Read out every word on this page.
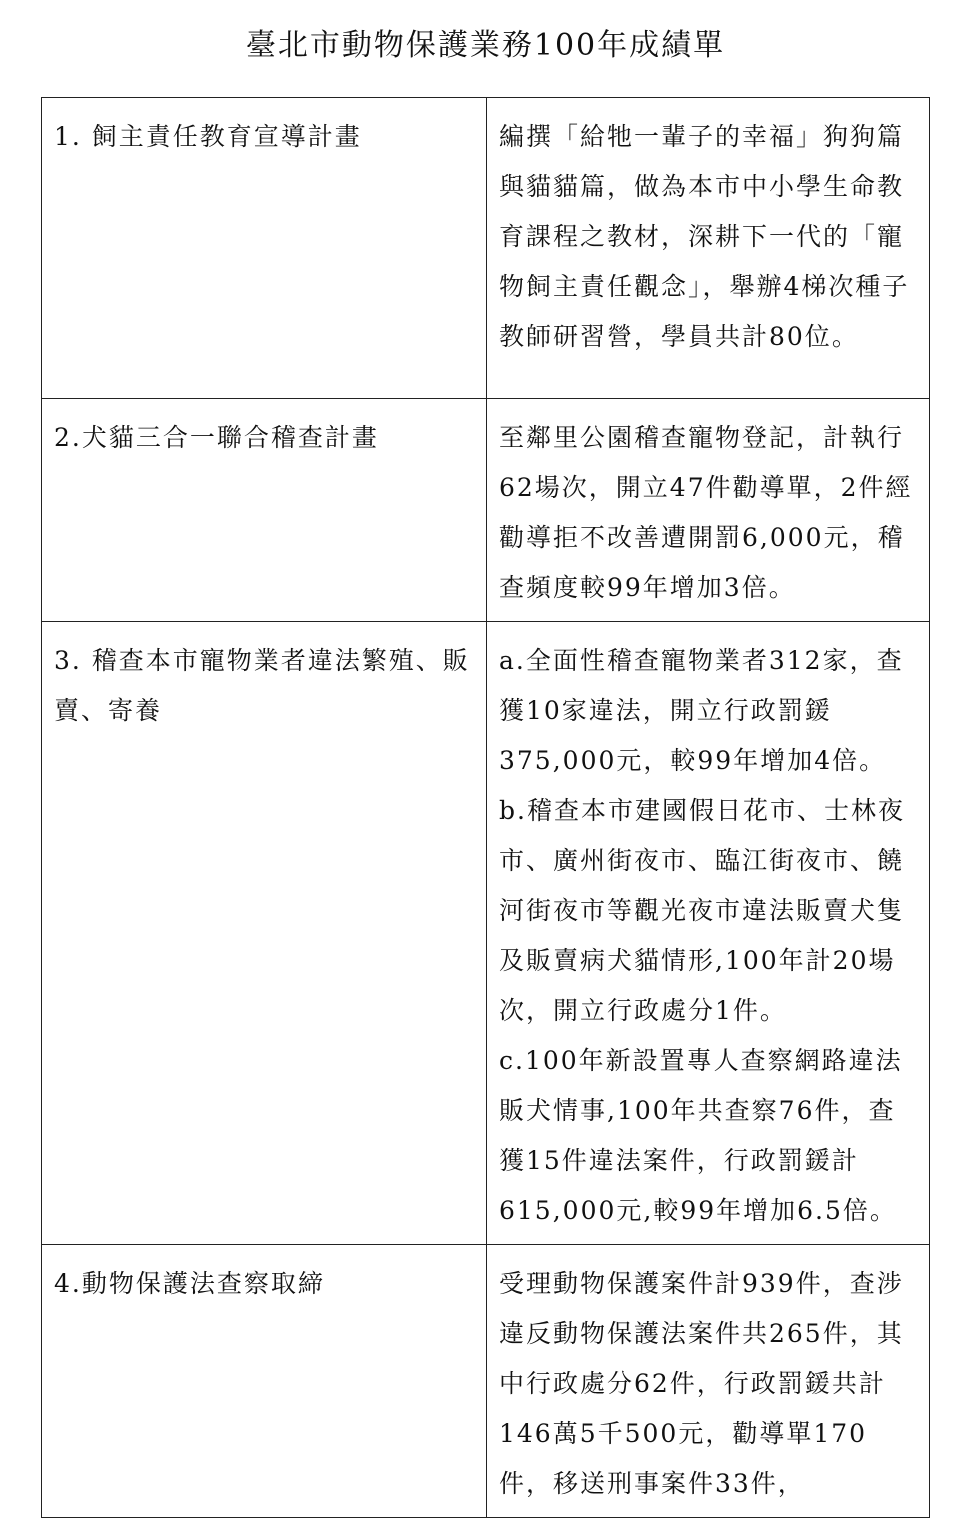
臺北市動物保護業務100年成績單
1. 飼主責任教育宣導計畫	編撰「給牠一輩子的幸福」狗狗篇與貓貓篇，做為本市中小學生命教育課程之教材，深耕下一代的「寵物飼主責任觀念」，舉辦4梯次種子教師研習營，學員共計80位。
2.犬貓三合一聯合稽查計畫	至鄰里公園稽查寵物登記，計執行62場次，開立47件勸導單，2件經勸導拒不改善遭開罰6,000元，稽查頻度較99年增加3倍。
3. 稽查本市寵物業者違法繁殖、販賣、寄養	a.全面性稽查寵物業者312家，查獲10家違法，開立行政罰鍰375,000元，較99年增加4倍。
b.稽查本市建國假日花市、士林夜市、廣州街夜市、臨江街夜市、饒河街夜市等觀光夜市違法販賣犬隻及販賣病犬貓情形,100年計20場次，開立行政處分1件。
c.100年新設置專人查察網路違法販犬情事,100年共查察76件，查獲15件違法案件，行政罰鍰計615,000元,較99年增加6.5倍。

4.動物保護法查察取締	受理動物保護案件計939件，查涉違反動物保護法案件共265件，其中行政處分62件，行政罰鍰共計146萬5千500元，勸導單170件，移送刑事案件33件，
